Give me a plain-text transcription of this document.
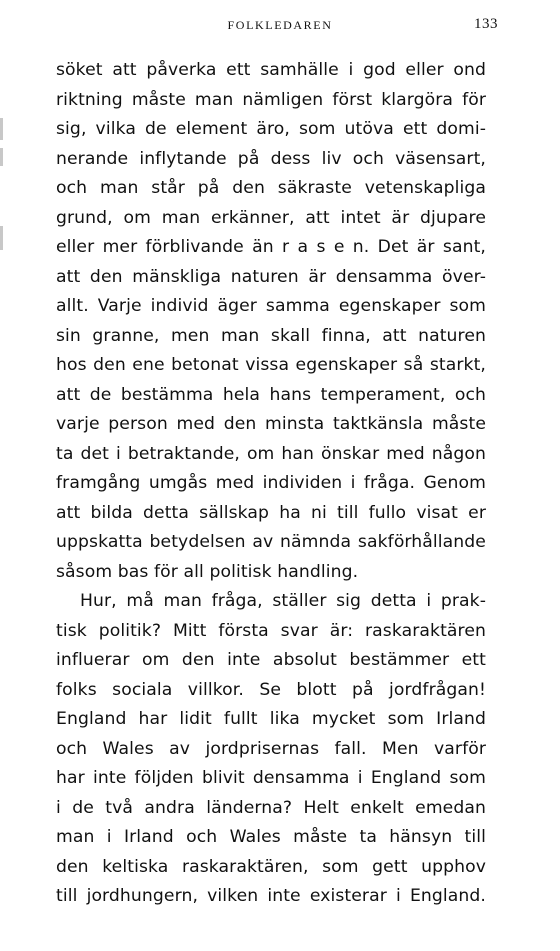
FOLKLEDAREN	133
söket att påverka ett samhälle i god eller ond
riktning måste man nämligen först klargöra för
sig, vilka de element äro, som utöva ett domi-
nerande inflytande på dess liv och väsensart,
och man står på den säkraste vetenskapliga
grund, om man erkänner, att intet är djupare
eller mer förblivande än r a s e n. Det är sant,
att den mänskliga naturen är densamma över-
allt. Varje individ äger samma egenskaper som
sin granne, men man skall finna, att naturen
hos den ene betonat vissa egenskaper så starkt,
att de bestämma hela hans temperament, och
varje person med den minsta taktkänsla måste
ta det i betraktande, om han önskar med någon
framgång umgås med individen i fråga. Genom
att bilda detta sällskap ha ni till fullo visat er
uppskatta betydelsen av nämnda sakförhållande
såsom bas för all politisk handling.
Hur, må man fråga, ställer sig detta i prak-
tisk politik? Mitt första svar är: raskaraktären
influerar om den inte absolut bestämmer ett
folks sociala villkor. Se blott på jordfrågan!
England har lidit fullt lika mycket som Irland
och Wales av jordprisernas fall. Men varför
har inte följden blivit densamma i England som
i de två andra länderna? Helt enkelt emedan
man i Irland och Wales måste ta hänsyn till
den keltiska raskaraktären, som gett upphov
till jordhungern, vilken inte existerar i England.
